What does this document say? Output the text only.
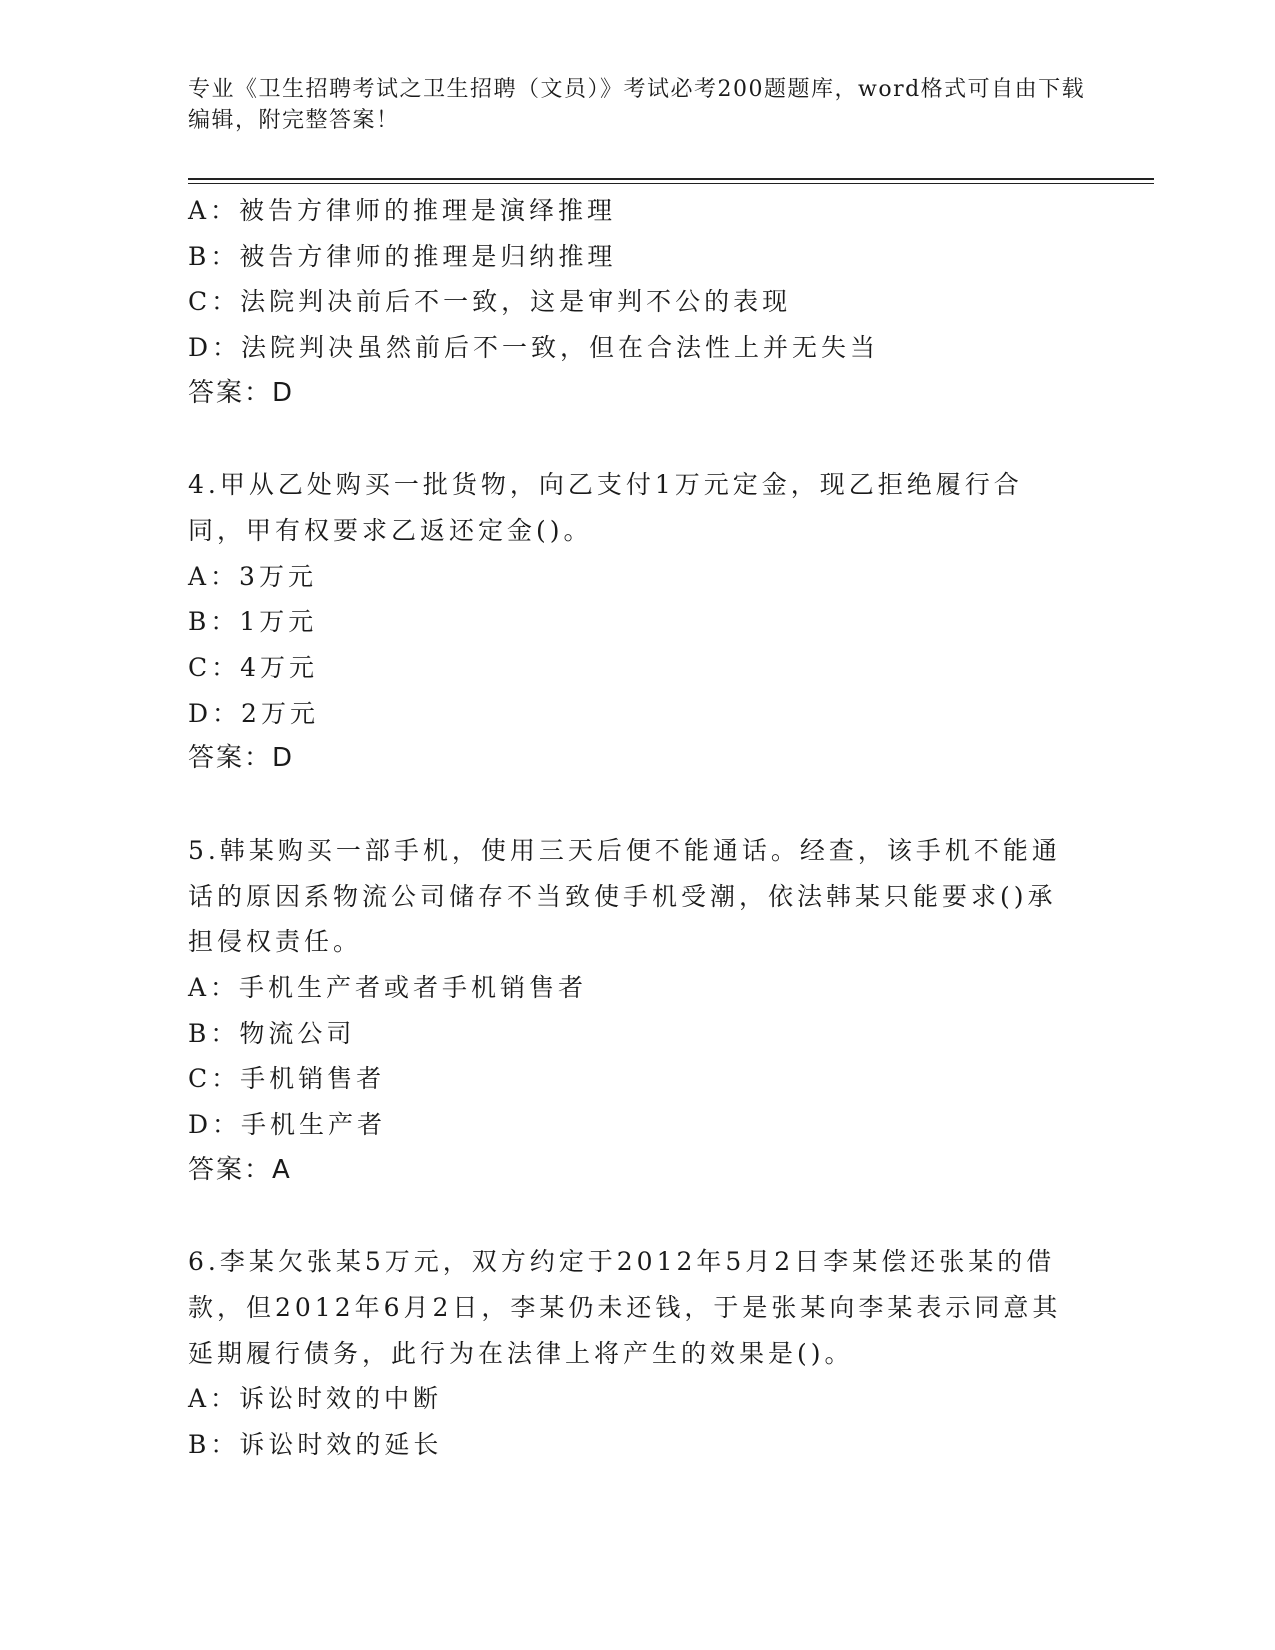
专业《卫生招聘考试之卫生招聘（文员）》考试必考200题题库，word格式可自由下载编辑，附完整答案！
A：被告方律师的推理是演绎推理
B：被告方律师的推理是归纳推理
C：法院判决前后不一致，这是审判不公的表现
D：法院判决虽然前后不一致，但在合法性上并无失当
答案：D
4.甲从乙处购买一批货物，向乙支付1万元定金，现乙拒绝履行合同，甲有权要求乙返还定金()。
A：3万元
B：1万元
C：4万元
D：2万元
答案：D
5.韩某购买一部手机，使用三天后便不能通话。经查，该手机不能通话的原因系物流公司储存不当致使手机受潮，依法韩某只能要求()承担侵权责任。
A：手机生产者或者手机销售者
B：物流公司
C：手机销售者
D：手机生产者
答案：A
6.李某欠张某5万元，双方约定于2012年5月2日李某偿还张某的借款，但2012年6月2日，李某仍未还钱，于是张某向李某表示同意其延期履行债务，此行为在法律上将产生的效果是()。
A：诉讼时效的中断
B：诉讼时效的延长
